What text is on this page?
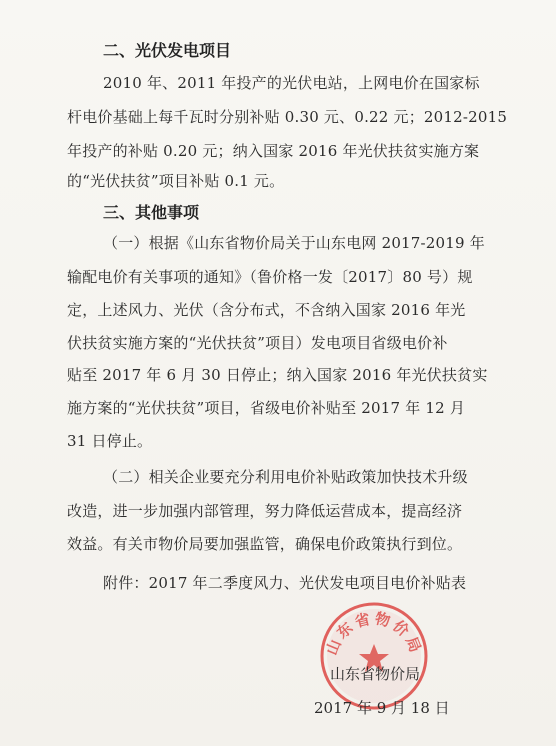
二、光伏发电项目
2010 年、2011 年投产的光伏电站，上网电价在国家标
杆电价基础上每千瓦时分别补贴 0.30 元、0.22 元；2012-2015
年投产的补贴 0.20 元；纳入国家 2016 年光伏扶贫实施方案
的“光伏扶贫”项目补贴 0.1 元。
三、其他事项
（一）根据《山东省物价局关于山东电网 2017-2019 年
输配电价有关事项的通知》（鲁价格一发〔2017〕80 号）规
定，上述风力、光伏（含分布式，不含纳入国家 2016 年光
伏扶贫实施方案的“光伏扶贫”项目）发电项目省级电价补
贴至 2017 年 6 月 30 日停止；纳入国家 2016 年光伏扶贫实
施方案的“光伏扶贫”项目，省级电价补贴至 2017 年 12 月
31 日停止。
（二）相关企业要充分利用电价补贴政策加快技术升级
改造，进一步加强内部管理，努力降低运营成本，提高经济
效益。有关市物价局要加强监管，确保电价政策执行到位。
附件：2017 年二季度风力、光伏发电项目电价补贴表
山东省物价局
山东省物价局
2017 年 9 月 18 日
